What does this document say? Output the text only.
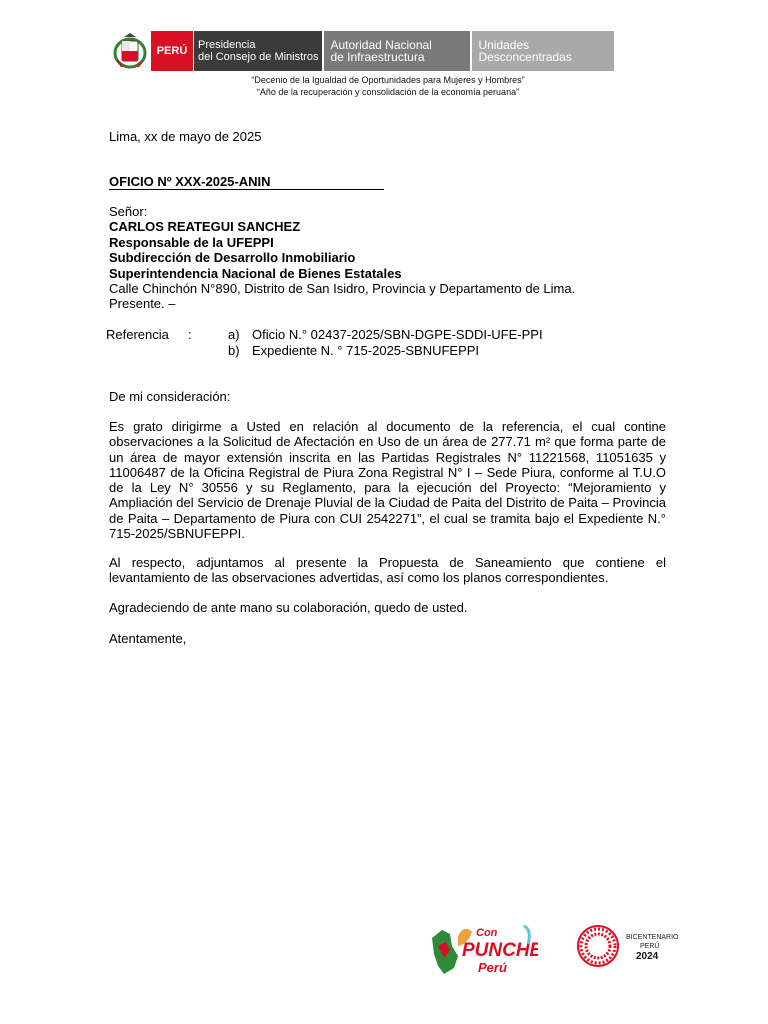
PERÚ Presidencia
del Consejo de Ministros
Autoridad Nacional
de Infraestructura
Unidades
Desconcentradas
“Decenio de la Igualdad de Oportunidades para Mujeres y Hombres”
“Año de la recuperación y consolidación de la economía peruana”
Lima, xx de mayo de 2025
OFICIO Nº XXX-2025-ANIN
Señor:
CARLOS REATEGUI SANCHEZ
Responsable de la UFEPPI
Subdirección de Desarrollo Inmobiliario
Superintendencia Nacional de Bienes Estatales
Calle Chinchón N°890, Distrito de San Isidro, Provincia y Departamento de Lima.
Presente. –
Referencia :	a) Oficio N.° 02437-2025/SBN-DGPE-SDDI-UFE-PPI
b) Expediente N. ° 715-2025-SBNUFEPPI
De mi consideración:
Es grato dirigirme a Usted en relación al documento de la referencia, el cual contine observaciones a la Solicitud de Afectación en Uso de un área de 277.71 m² que forma parte de un área de mayor extensión inscrita en las Partidas Registrales N° 11221568, 11051635 y 11006487 de la Oficina Registral de Piura Zona Registral N° I – Sede Piura, conforme al T.U.O de la Ley N° 30556 y su Reglamento, para la ejecución del Proyecto: “Mejoramiento y Ampliación del Servicio de Drenaje Pluvial de la Ciudad de Paita del Distrito de Paita – Provincia de Paita – Departamento de Piura con CUI 2542271”, el cual se tramita bajo el Expediente N.° 715-2025/SBNUFEPPI.
Al respecto, adjuntamos al presente la Propuesta de Saneamiento que contiene el levantamiento de las observaciones advertidas, así como los planos correspondientes.
Agradeciendo de ante mano su colaboración, quedo de usted.
Atentamente,
Con
PUNCHE
Perú
BICENTENARIO
PERÚ
2024
